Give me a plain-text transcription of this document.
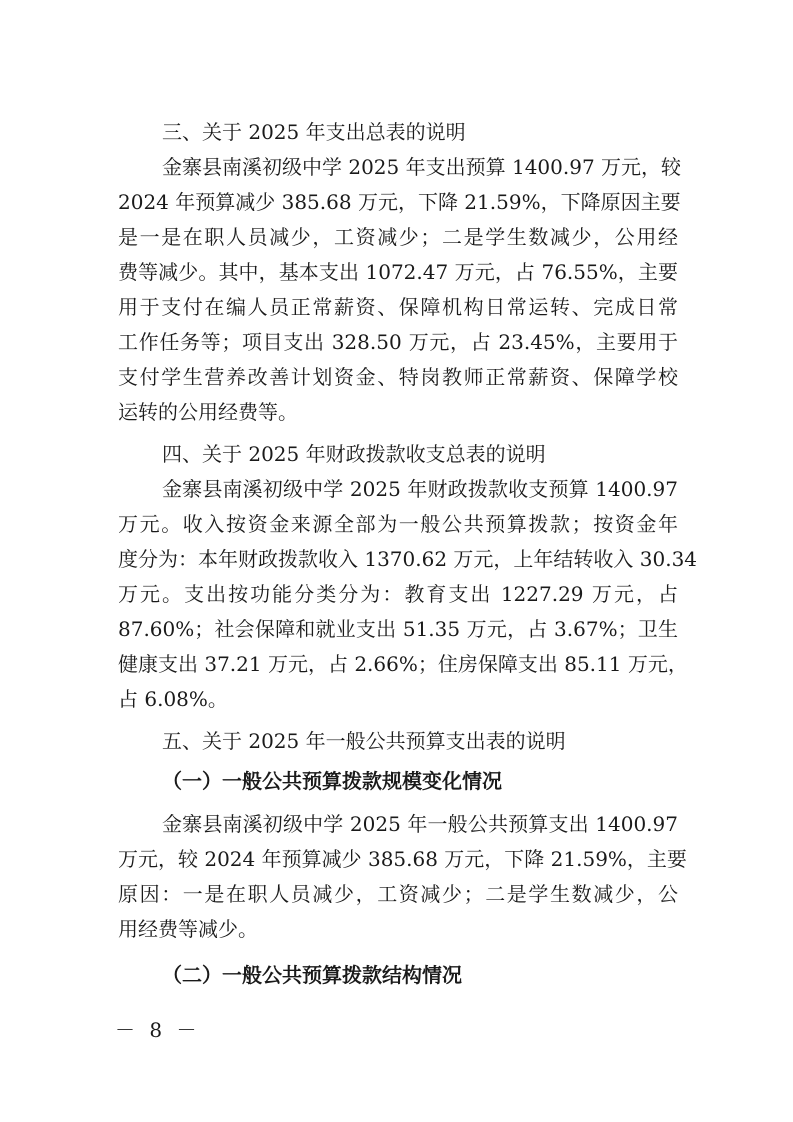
三、关于 2025 年支出总表的说明
金寨县南溪初级中学 2025 年支出预算 1400.97 万元，较
2024 年预算减少 385.68 万元，下降 21.59%，下降原因主要
是一是在职人员减少，工资减少；二是学生数减少，公用经
费等减少。其中，基本支出 1072.47 万元，占 76.55%，主要
用于支付在编人员正常薪资、保障机构日常运转、完成日常
工作任务等；项目支出 328.50 万元，占 23.45%，主要用于
支付学生营养改善计划资金、特岗教师正常薪资、保障学校
运转的公用经费等。
四、关于 2025 年财政拨款收支总表的说明
金寨县南溪初级中学 2025 年财政拨款收支预算 1400.97
万元。收入按资金来源全部为一般公共预算拨款；按资金年
度分为：本年财政拨款收入 1370.62 万元，上年结转收入 30.34
万元。支出按功能分类分为：教育支出 1227.29 万元，占
87.60%；社会保障和就业支出 51.35 万元，占 3.67%；卫生
健康支出 37.21 万元，占 2.66%；住房保障支出 85.11 万元，
占 6.08%。
五、关于 2025 年一般公共预算支出表的说明
（一）一般公共预算拨款规模变化情况
金寨县南溪初级中学 2025 年一般公共预算支出 1400.97
万元，较 2024 年预算减少 385.68 万元，下降 21.59%，主要
原因：一是在职人员减少，工资减少；二是学生数减少，公
用经费等减少。
（二）一般公共预算拨款结构情况
－ 8 －
